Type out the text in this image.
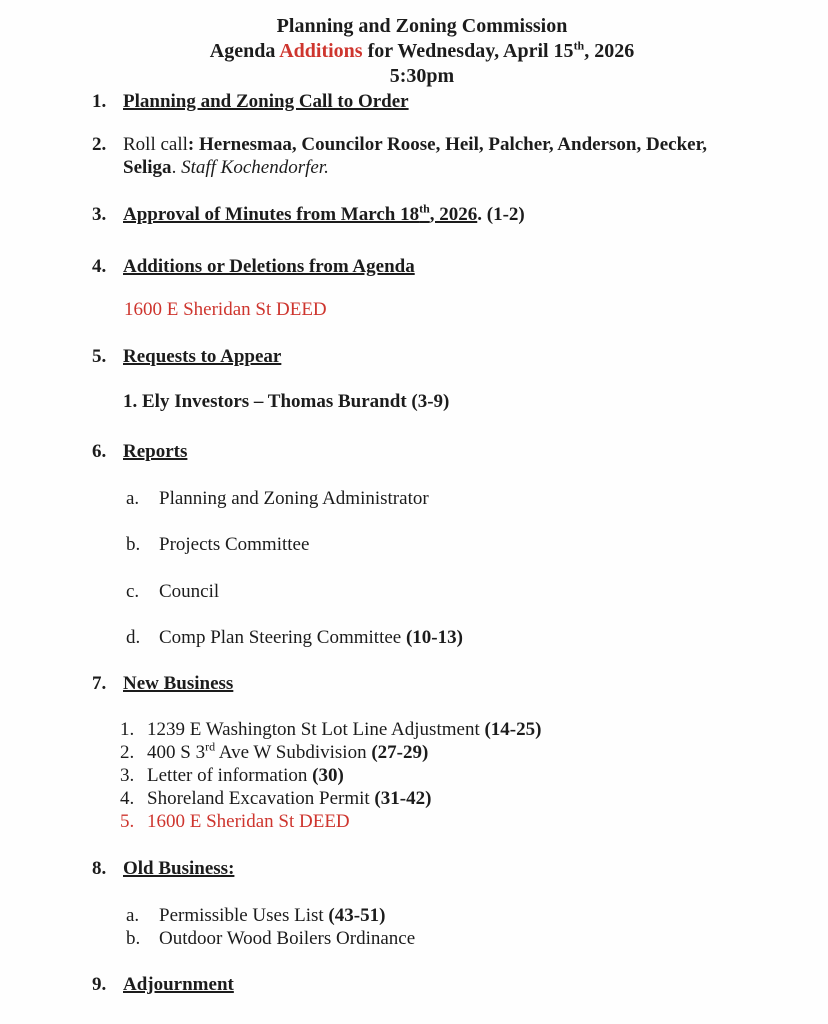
Planning and Zoning Commission
Agenda Additions for Wednesday, April 15th, 2026
5:30pm
1. Planning and Zoning Call to Order
2. Roll call: Hernesmaa, Councilor Roose, Heil, Palcher, Anderson, Decker,
Seliga. Staff Kochendorfer.
3. Approval of Minutes from March 18th, 2026. (1-2)
4. Additions or Deletions from Agenda
1600 E Sheridan St DEED
5. Requests to Appear
1. Ely Investors – Thomas Burandt (3-9)
6. Reports
a.	Planning and Zoning Administrator
b. Projects Committee
c.	Council
d. Comp Plan Steering Committee (10-13)
7. New Business
1. 1239 E Washington St Lot Line Adjustment (14-25)
2. 400 S 3rd Ave W Subdivision (27-29)
3. Letter of information (30)
4. Shoreland Excavation Permit (31-42)
5. 1600 E Sheridan St DEED
8. Old Business:
a.	Permissible Uses List (43-51)
b. Outdoor Wood Boilers Ordinance
9. Adjournment
